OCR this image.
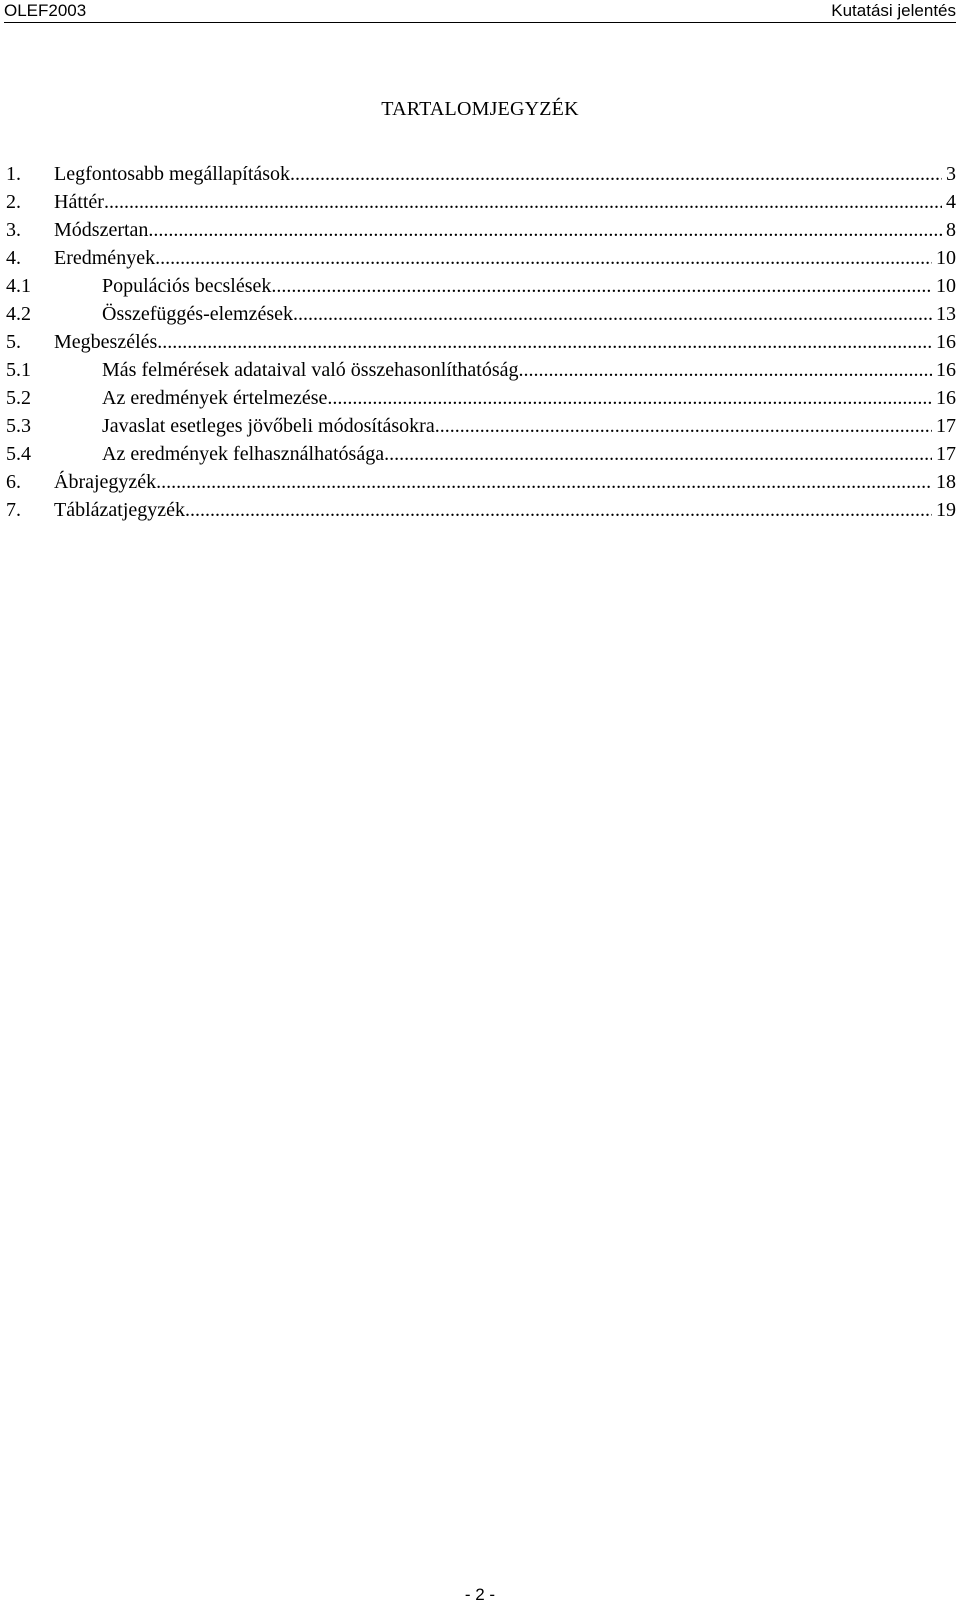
OLEF2003	Kutatási jelentés
TARTALOMJEGYZÉK
1.	Legfontosabb megállapítások .....	3
2.	Háttér .....	4
3.	Módszertan .....	8
4.	Eredmények .....	10
4.1	Populációs becslések .....	10
4.2	Összefüggés-elemzések .....	13
5.	Megbeszélés .....	16
5.1	Más felmérések adataival való összehasonlíthatóság .....	16
5.2	Az eredmények értelmezése .....	16
5.3	Javaslat esetleges jövőbeli módosításokra .....	17
5.4	Az eredmények felhasználhatósága .....	17
6.	Ábrajegyzék .....	18
7.	Táblázatjegyzék .....	19
- 2 -
